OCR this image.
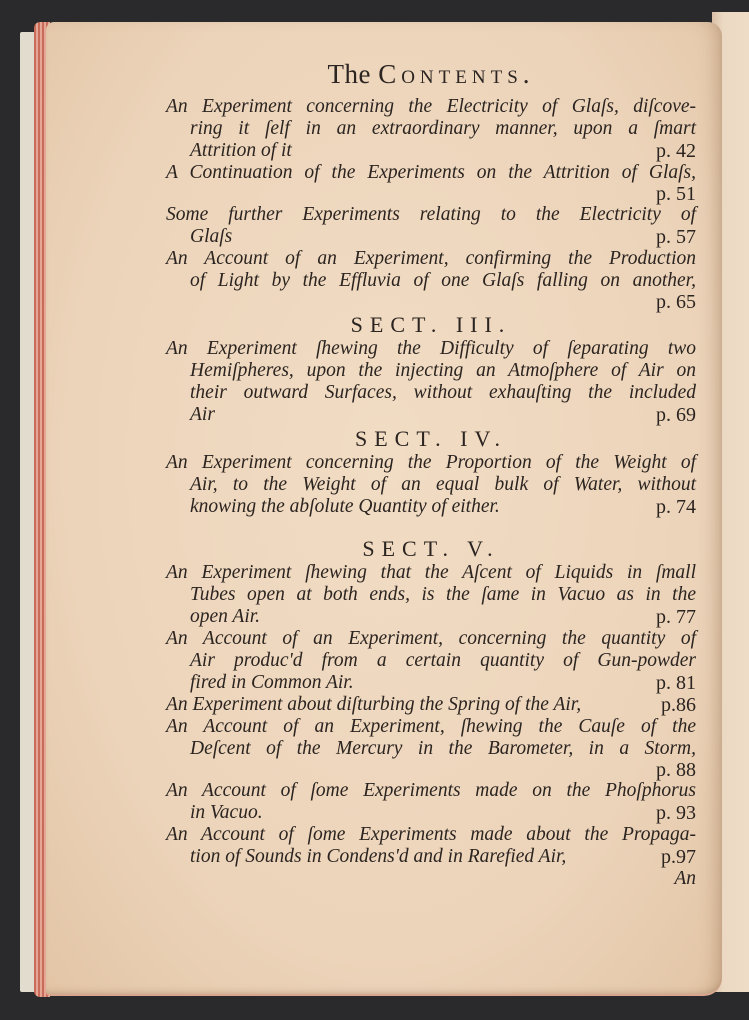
The Contents.
An Experiment concerning the Electricity of Glaſs, diſcove-
ring it ſelf in an extraordinary manner, upon a ſmart
Attrition of it	p. 42
A Continuation of the Experiments on the Attrition of Glaſs,
p. 51
Some further Experiments relating to the Electricity of
Glaſs	p. 57
An Account of an Experiment, confirming the Production
of Light by the Effluvia of one Glaſs falling on another,
p. 65
SECT. III.
An Experiment ſhewing the Difficulty of ſeparating two
Hemiſpheres, upon the injecting an Atmoſphere of Air on
their outward Surfaces, without exhauſting the included
Air	p. 69
SECT. IV.
An Experiment concerning the Proportion of the Weight of
Air, to the Weight of an equal bulk of Water, without
knowing the abſolute Quantity of either.	p. 74
SECT. V.
An Experiment ſhewing that the Aſcent of Liquids in ſmall
Tubes open at both ends, is the ſame in Vacuo as in the
open Air.	p. 77
An Account of an Experiment, concerning the quantity of
Air produc'd from a certain quantity of Gun-powder
fired in Common Air.	p. 81
An Experiment about diſturbing the Spring of the Air,	p.86
An Account of an Experiment, ſhewing the Cauſe of the
Deſcent of the Mercury in the Barometer, in a Storm,
p. 88
An Account of ſome Experiments made on the Phoſphorus
in Vacuo.	p. 93
An Account of ſome Experiments made about the Propaga-
tion of Sounds in Condens'd and in Rarefied Air,	p.97
An
